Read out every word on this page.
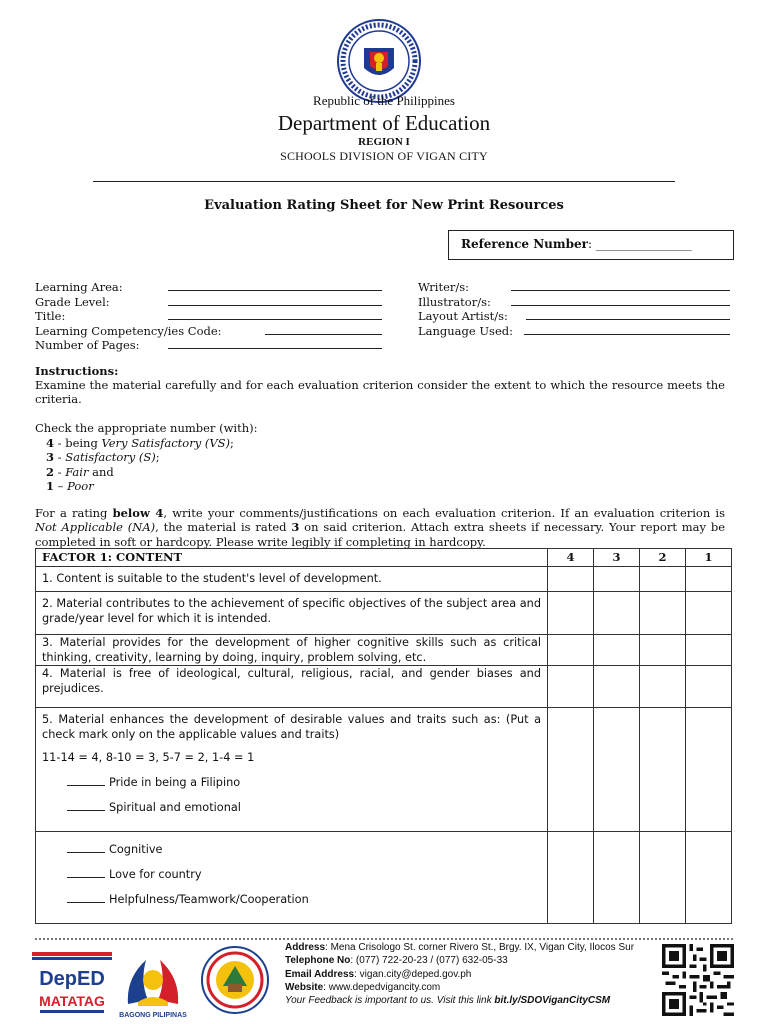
Republic of the Philippines
Department of Education
REGION I
SCHOOLS DIVISION OF VIGAN CITY
Evaluation Rating Sheet for New Print Resources
Reference Number: ________________
Learning Area:
Grade Level:
Title:
Learning Competency/ies Code:
Number of Pages:
Writer/s:
Illustrator/s:
Layout Artist/s:
Language Used:
Instructions:
Examine the material carefully and for each evaluation criterion consider the extent to which the resource meets the criteria.
Check the appropriate number (with):
4 - being Very Satisfactory (VS);
3 - Satisfactory (S);
2 - Fair and
1 – Poor
For a rating below 4, write your comments/justifications on each evaluation criterion. If an evaluation criterion is Not Applicable (NA), the material is rated 3 on said criterion. Attach extra sheets if necessary. Your report may be completed in soft or hardcopy. Please write legibly if completing in hardcopy.
FACTOR 1: CONTENT	4	3	2	1
1. Content is suitable to the student's level of development.				
2. Material contributes to the achievement of specific objectives of the subject area and grade/year level for which it is intended.				
3. Material provides for the development of higher cognitive skills such as critical thinking, creativity, learning by doing, inquiry, problem solving, etc.				
4. Material is free of ideological, cultural, religious, racial, and gender biases and prejudices.				

5. Material enhances the development of desirable values and traits such as: (Put a check mark only on the applicable values and traits)
11-14 = 4, 8-10 = 3, 5-7 = 2, 1-4 = 1
Pride in being a Filipino
Spiritual and emotional				

Cognitive
Love for country
Helpfulness/Teamwork/Cooperation				

DepED
MATATAG
BAGONG PILIPINAS
Address: Mena Crisologo St. corner Rivero St., Brgy. IX, Vigan City, Ilocos Sur
Telephone No: (077) 722-20-23 / (077) 632-05-33
Email Address: vigan.city@deped.gov.ph
Website: www.depedvigancity.com
Your Feedback is important to us. Visit this link bit.ly/SDOViganCityCSM
